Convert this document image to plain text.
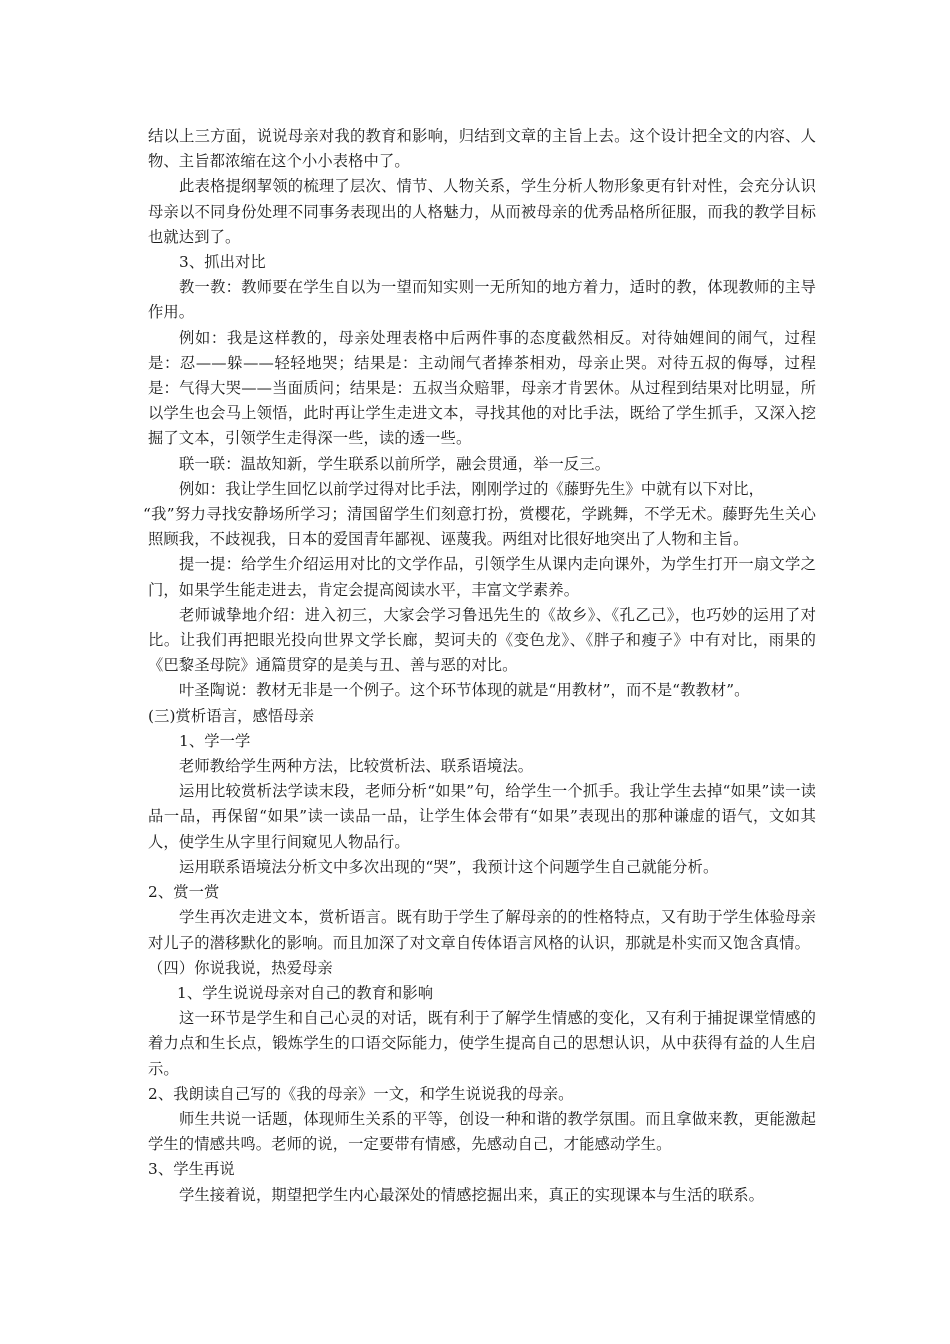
结以上三方面，说说母亲对我的教育和影响，归结到文章的主旨上去。这个设计把全文的内容、人物、主旨都浓缩在这个小小表格中了。

此表格提纲挈领的梳理了层次、情节、人物关系，学生分析人物形象更有针对性，会充分认识母亲以不同身份处理不同事务表现出的人格魅力，从而被母亲的优秀品格所征服，而我的教学目标也就达到了。

3、抓出对比

教一教：教师要在学生自以为一望而知实则一无所知的地方着力，适时的教，体现教师的主导作用。

例如：我是这样教的，母亲处理表格中后两件事的态度截然相反。对待妯娌间的闹气，过程是：忍——躲——轻轻地哭；结果是：主动闹气者捧茶相劝，母亲止哭。对待五叔的侮辱，过程是：气得大哭——当面质问；结果是：五叔当众赔罪，母亲才肯罢休。从过程到结果对比明显，所以学生也会马上领悟，此时再让学生走进文本，寻找其他的对比手法，既给了学生抓手，又深入挖掘了文本，引领学生走得深一些，读的透一些。

联一联：温故知新，学生联系以前所学，融会贯通，举一反三。

例如：我让学生回忆以前学过得对比手法，刚刚学过的《藤野先生》中就有以下对比，

“我”努力寻找安静场所学习；清国留学生们刻意打扮，赏樱花，学跳舞，不学无术。藤野先生关心照顾我，不歧视我，日本的爱国青年鄙视、诬蔑我。两组对比很好地突出了人物和主旨。

提一提：给学生介绍运用对比的文学作品，引领学生从课内走向课外，为学生打开一扇文学之门，如果学生能走进去，肯定会提高阅读水平，丰富文学素养。

老师诚挚地介绍：进入初三，大家会学习鲁迅先生的《故乡》、《孔乙己》，也巧妙的运用了对比。让我们再把眼光投向世界文学长廊，契诃夫的《变色龙》、《胖子和瘦子》中有对比，雨果的《巴黎圣母院》通篇贯穿的是美与丑、善与恶的对比。

叶圣陶说：教材无非是一个例子。这个环节体现的就是“用教材”，而不是“教教材”。

(三)赏析语言，感悟母亲

1、学一学

老师教给学生两种方法，比较赏析法、联系语境法。

运用比较赏析法学读末段，老师分析“如果”句，给学生一个抓手。我让学生去掉“如果”读一读品一品，再保留“如果”读一读品一品，让学生体会带有“如果”表现出的那种谦虚的语气，文如其人，使学生从字里行间窥见人物品行。

运用联系语境法分析文中多次出现的“哭”，我预计这个问题学生自己就能分析。

2、赏一赏

学生再次走进文本，赏析语言。既有助于学生了解母亲的的性格特点，又有助于学生体验母亲对儿子的潜移默化的影响。而且加深了对文章自传体语言风格的认识，那就是朴实而又饱含真情。

（四）你说我说，热爱母亲

1、学生说说母亲对自己的教育和影响

这一环节是学生和自己心灵的对话，既有利于了解学生情感的变化，又有利于捕捉课堂情感的着力点和生长点，锻炼学生的口语交际能力，使学生提高自己的思想认识，从中获得有益的人生启示。

2、我朗读自己写的《我的母亲》一文，和学生说说我的母亲。

师生共说一话题，体现师生关系的平等，创设一种和谐的教学氛围。而且拿做来教，更能激起学生的情感共鸣。老师的说，一定要带有情感，先感动自己，才能感动学生。

3、学生再说

学生接着说，期望把学生内心最深处的情感挖掘出来，真正的实现课本与生活的联系。
